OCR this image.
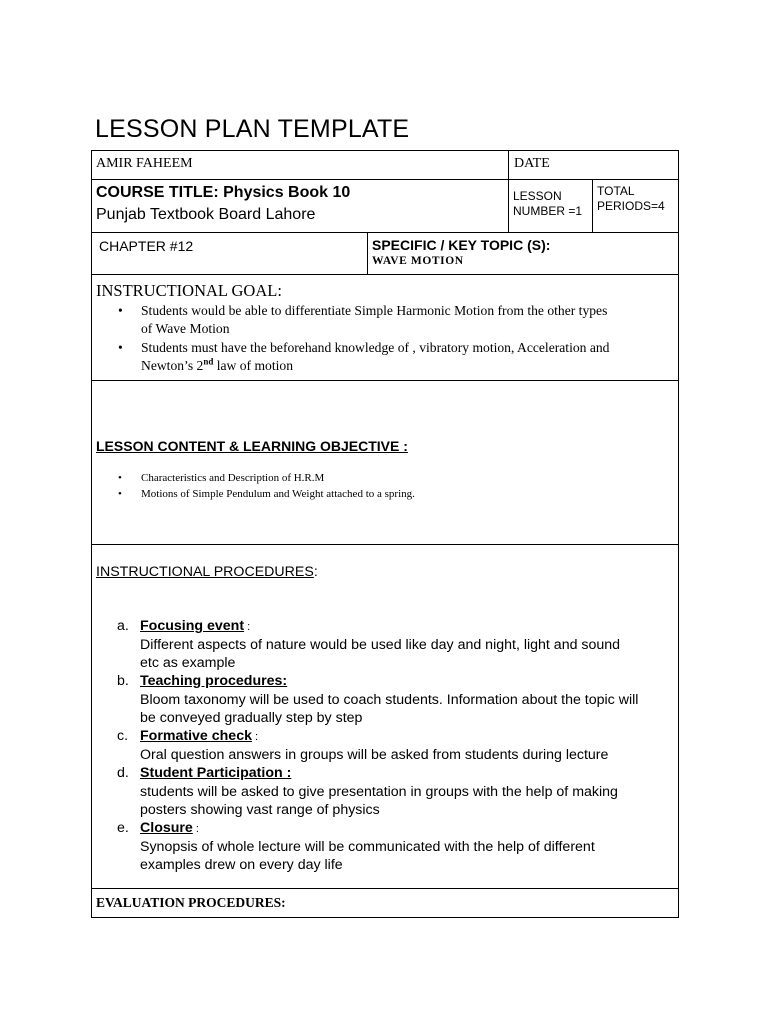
LESSON PLAN TEMPLATE
AMIR FAHEEM	DATE
COURSE TITLE: Physics Book 10
Punjab Textbook Board Lahore
LESSON
NUMBER =1
TOTAL
PERIODS=4
CHAPTER #12	SPECIFIC / KEY TOPIC (S):
WAVE MOTION
INSTRUCTIONAL GOAL:
• Students would be able to differentiate Simple Harmonic Motion from the other types
of Wave Motion
• Students must have the beforehand knowledge of , vibratory motion, Acceleration and
Newton’s 2nd law of motion
LESSON CONTENT & LEARNING OBJECTIVE :
• Characteristics and Description of H.R.M
• Motions of Simple Pendulum and Weight attached to a spring.
INSTRUCTIONAL PROCEDURES:
a. Focusing event :
Different aspects of nature would be used like day and night, light and sound
etc as example
b. Teaching procedures:
Bloom taxonomy will be used to coach students. Information about the topic will
be conveyed gradually step by step
c. Formative check :
Oral question answers in groups will be asked from students during lecture
d. Student Participation :
students will be asked to give presentation in groups with the help of making
posters showing vast range of physics
e. Closure :
Synopsis of whole lecture will be communicated with the help of different
examples drew on every day life
EVALUATION PROCEDURES:
